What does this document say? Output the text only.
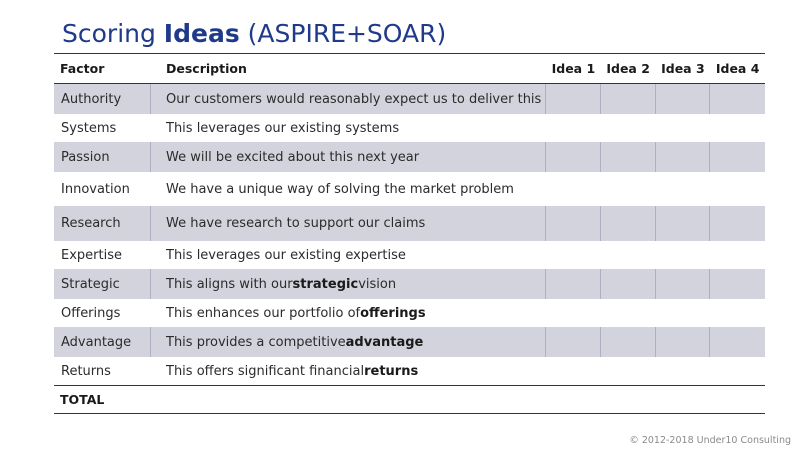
Scoring Ideas (ASPIRE+SOAR)
Factor	Description	Idea 1 Idea 2 Idea 3 Idea 4
Authority	Our customers would reasonably expect us to deliver this
Systems	This leverages our existing systems
Passion	We will be excited about this next year
Innovation	We have a unique way of solving the market problem
Research	We have research to support our claims
Expertise	This leverages our existing expertise
Strategic	This aligns with our strategic vision
Offerings	This enhances our portfolio of offerings
Advantage	This provides a competitive advantage
Returns	This offers significant financial returns
TOTAL
© 2012-2018 Under10 Consulting
